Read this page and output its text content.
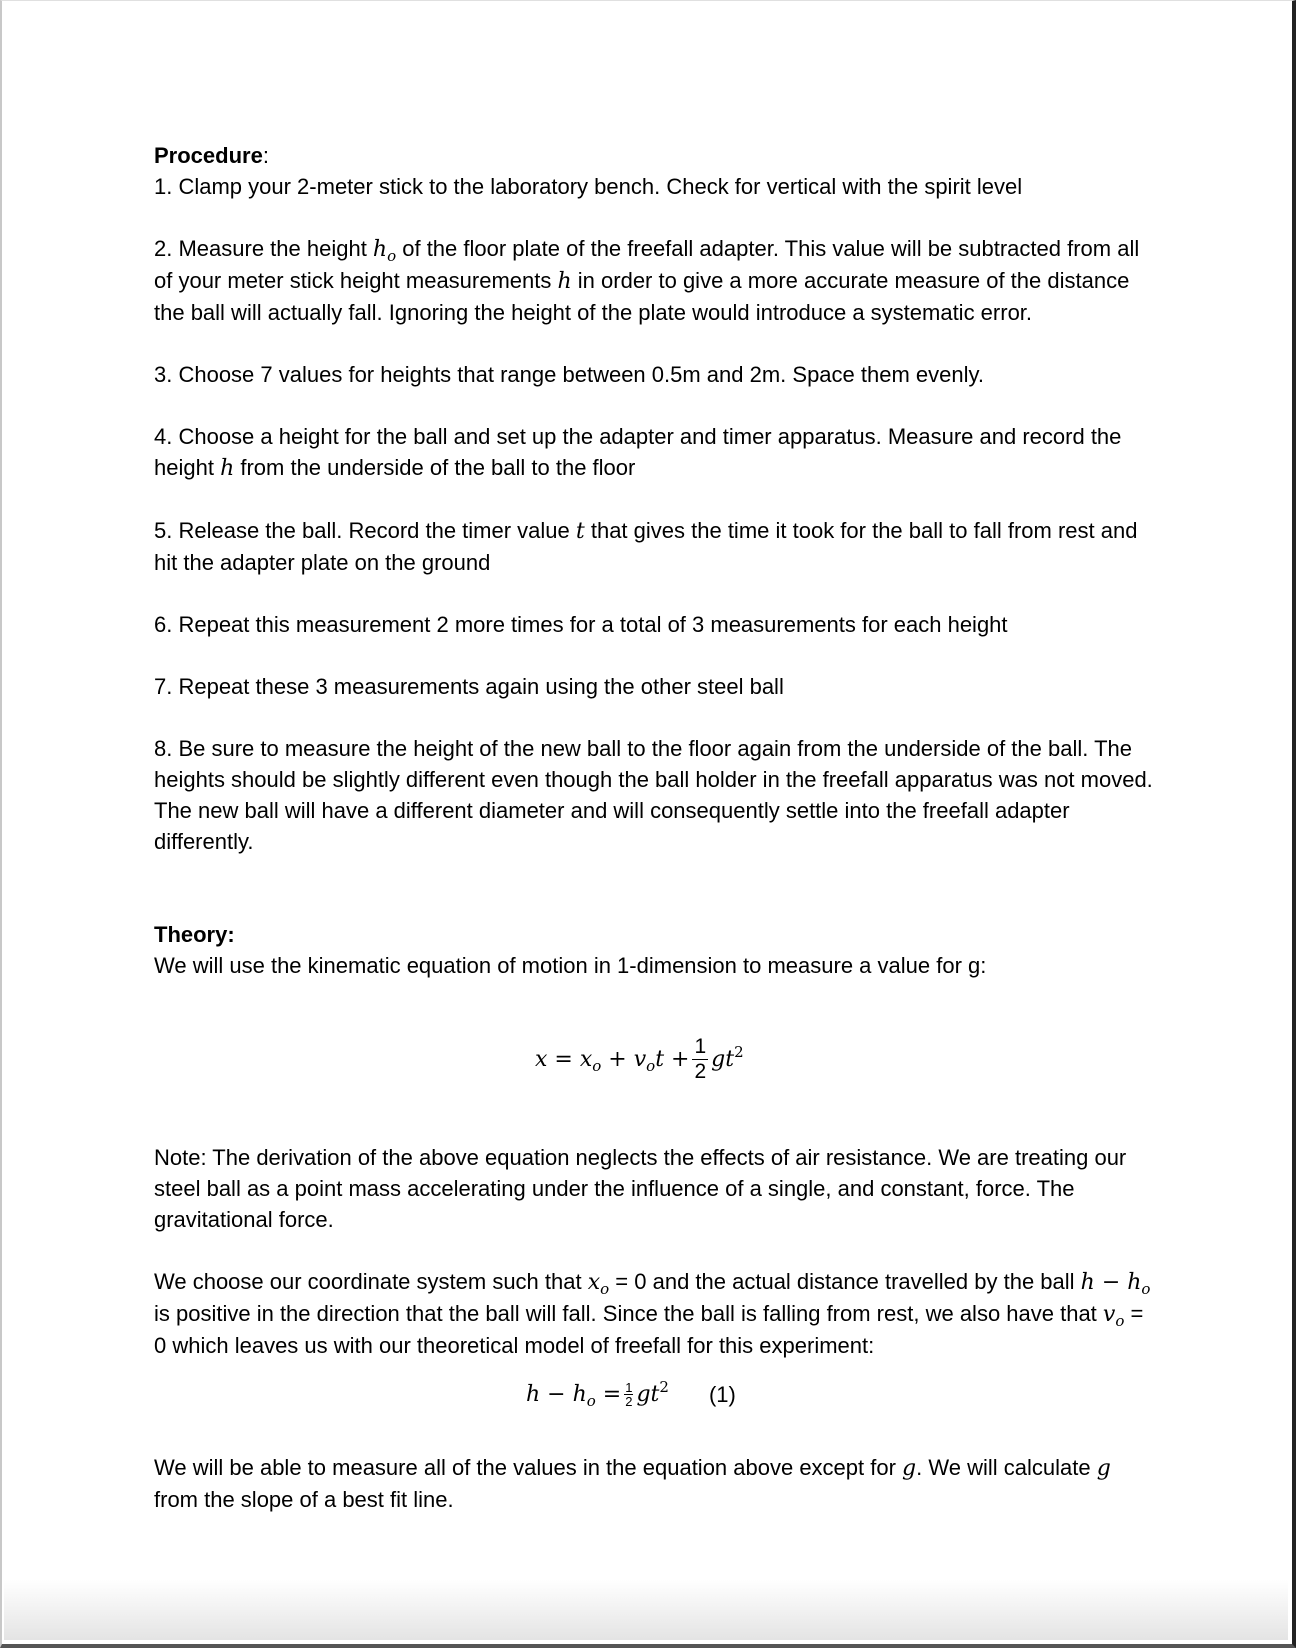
Procedure:

1. Clamp your 2-meter stick to the laboratory bench. Check for vertical with the spirit level

2. Measure the height $h_o$ of the floor plate of the freefall adapter. This value will be subtracted from all of your meter stick height measurements h in order to give a more accurate measure of the distance the ball will actually fall. Ignoring the height of the plate would introduce a systematic error.

3. Choose 7 values for heights that range between 0.5m and 2m. Space them evenly.

4. Choose a height for the ball and set up the adapter and timer apparatus. Measure and record the height h from the underside of the ball to the floor

5. Release the ball. Record the timer value t that gives the time it took for the ball to fall from rest and hit the adapter plate on the ground

6. Repeat this measurement 2 more times for a total of 3 measurements for each height

7. Repeat these 3 measurements again using the other steel ball

8. Be sure to measure the height of the new ball to the floor again from the underside of the ball. The heights should be slightly different even though the ball holder in the freefall apparatus was not moved. The new ball will have a different diameter and will consequently settle into the freefall adapter differently.

Theory:

We will use the kinematic equation of motion in 1-dimension to measure a value for g:

$x = x_o + v_ot + \frac{1}{2} gt^2$

Note: The derivation of the above equation neglects the effects of air resistance. We are treating our steel ball as a point mass accelerating under the influence of a single, and constant, force. The gravitational force.

We choose our coordinate system such that $x_o = 0$ and the actual distance travelled by the ball $h - h_o$ is positive in the direction that the ball will fall. Since the ball is falling from rest, we also have that $v_o = 0$ which leaves us with our theoretical model of freefall for this experiment:

$h - h_o = \frac{1}{2} gt^2$ (1)

We will be able to measure all of the values in the equation above except for g. We will calculate g from the slope of a best fit line.
